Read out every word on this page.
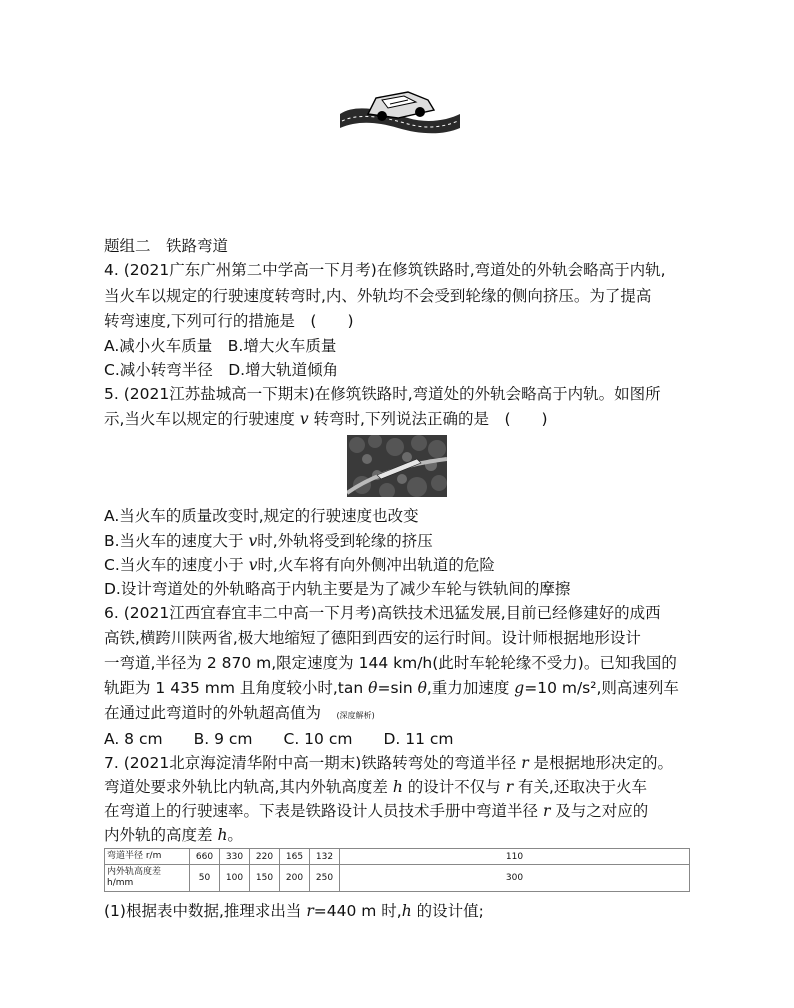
题组二　铁路弯道
4. (2021广东广州第二中学高一下月考)在修筑铁路时,弯道处的外轨会略高于内轨,
当火车以规定的行驶速度转弯时,内、外轨均不会受到轮缘的侧向挤压。为了提高
转弯速度,下列可行的措施是　(　　)
A.减小火车质量　B.增大火车质量
C.减小转弯半径　D.增大轨道倾角
5. (2021江苏盐城高一下期末)在修筑铁路时,弯道处的外轨会略高于内轨。如图所
示,当火车以规定的行驶速度 v 转弯时,下列说法正确的是　(　　)
A.当火车的质量改变时,规定的行驶速度也改变
B.当火车的速度大于 v时,外轨将受到轮缘的挤压
C.当火车的速度小于 v时,火车将有向外侧冲出轨道的危险
D.设计弯道处的外轨略高于内轨主要是为了减少车轮与铁轨间的摩擦
6. (2021江西宜春宜丰二中高一下月考)高铁技术迅猛发展,目前已经修建好的成西
高铁,横跨川陕两省,极大地缩短了德阳到西安的运行时间。设计师根据地形设计
一弯道,半径为 2 870 m,限定速度为 144 km/h(此时车轮轮缘不受力)。已知我国的
轨距为 1 435 mm 且角度较小时,tan θ=sin θ,重力加速度 g=10 m/s²,则高速列车
在通过此弯道时的外轨超高值为　(深度解析)
A. 8 cm　　B. 9 cm　　C. 10 cm　　D. 11 cm
7. (2021北京海淀清华附中高一期末)铁路转弯处的弯道半径 r 是根据地形决定的。
弯道处要求外轨比内轨高,其内外轨高度差 h 的设计不仅与 r 有关,还取决于火车
在弯道上的行驶速率。下表是铁路设计人员技术手册中弯道半径 r 及与之对应的
内外轨的高度差 h。
弯道半径 r/m	660	330	220	165	132	110
内外轨高度差 h/mm	50	100	150	200	250	300
(1)根据表中数据,推理求出当 r=440 m 时,h 的设计值;
